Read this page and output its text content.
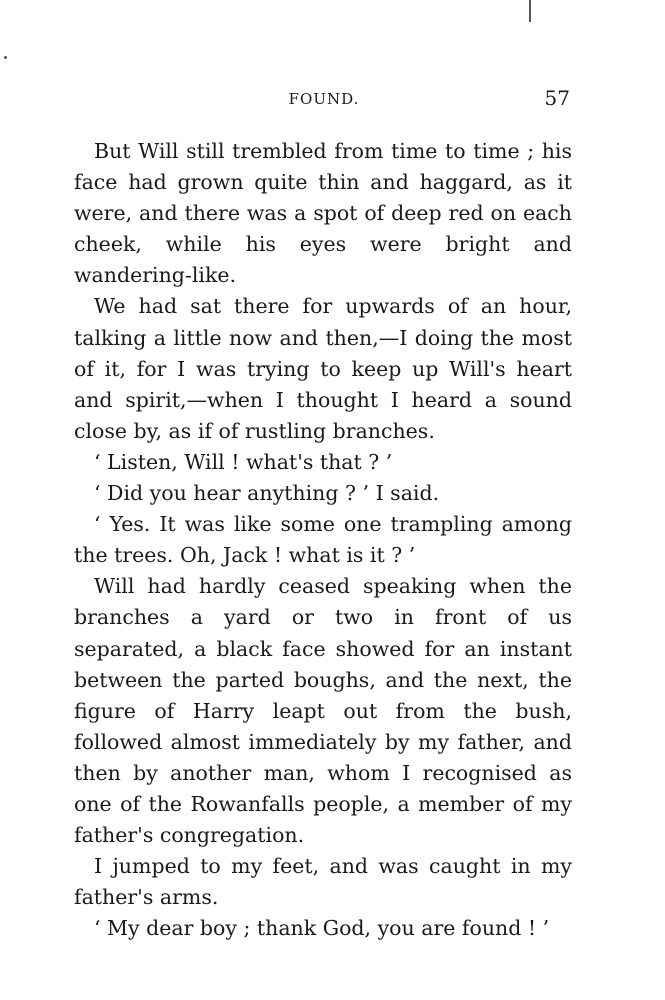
FOUND.	57

But Will still trembled from time to time ; his face had grown quite thin and haggard, as it were, and there was a spot of deep red on each cheek, while his eyes were bright and wandering-like.

We had sat there for upwards of an hour, talking a little now and then,—I doing the most of it, for I was trying to keep up Will's heart and spirit,—when I thought I heard a sound close by, as if of rustling branches.

‘ Listen, Will ! what's that ? ’

‘ Did you hear anything ? ’ I said.

‘ Yes. It was like some one trampling among the trees. Oh, Jack ! what is it ? ’

Will had hardly ceased speaking when the branches a yard or two in front of us separated, a black face showed for an instant between the parted boughs, and the next, the figure of Harry leapt out from the bush, followed almost immediately by my father, and then by another man, whom I recognised as one of the Rowanfalls people, a member of my father's congregation.

I jumped to my feet, and was caught in my father's arms.

‘ My dear boy ; thank God, you are found ! ’
